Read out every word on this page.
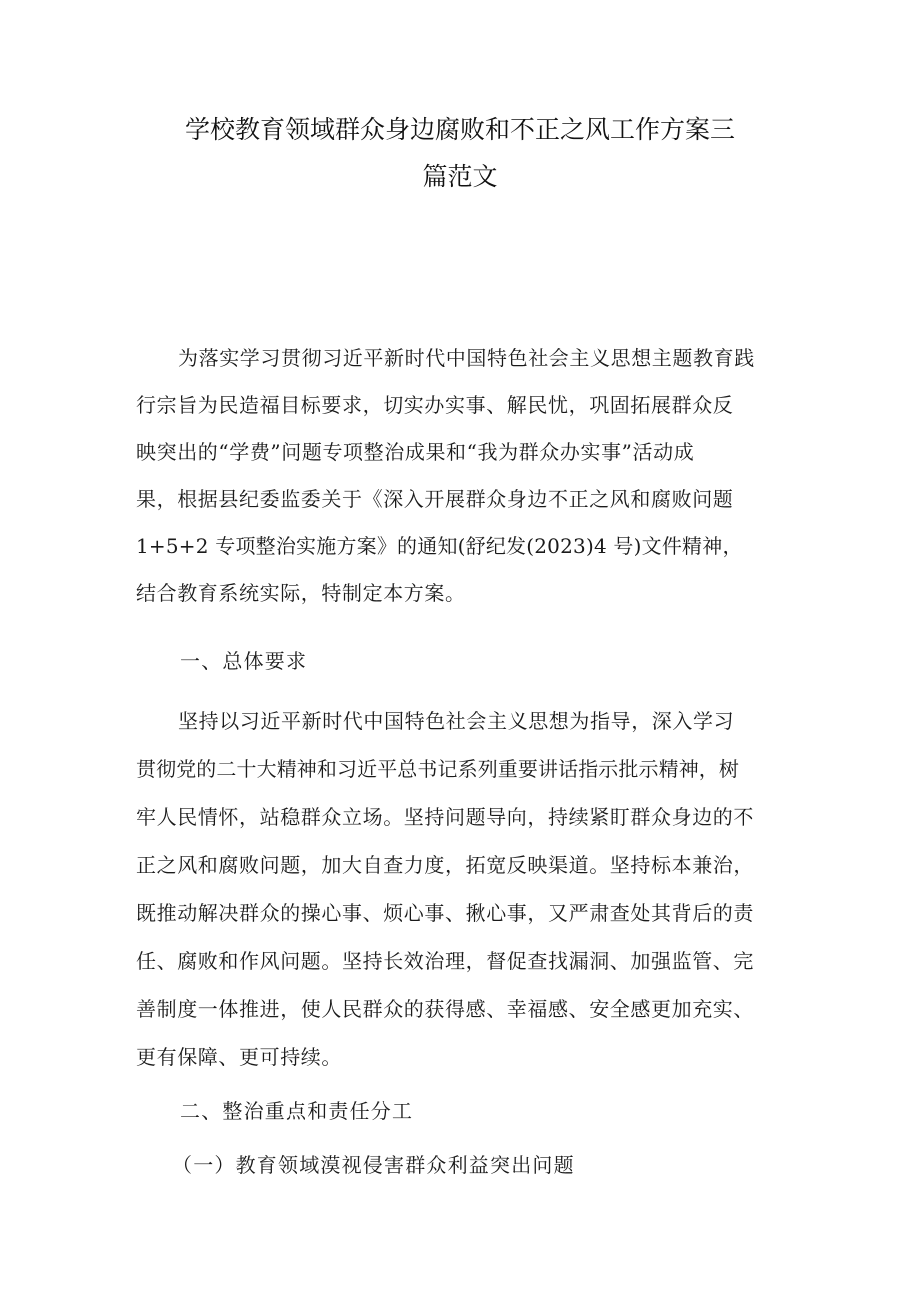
学校教育领域群众身边腐败和不正之风工作方案三
篇范文
为落实学习贯彻习近平新时代中国特色社会主义思想主题教育践
行宗旨为民造福目标要求，切实办实事、解民忧，巩固拓展群众反
映突出的“学费”问题专项整治成果和“我为群众办实事”活动成
果，根据县纪委监委关于《深入开展群众身边不正之风和腐败问题
1+5+2 专项整治实施方案》的通知(舒纪发(2023)4 号)文件精神，
结合教育系统实际，特制定本方案。
一、总体要求
坚持以习近平新时代中国特色社会主义思想为指导，深入学习
贯彻党的二十大精神和习近平总书记系列重要讲话指示批示精神，树
牢人民情怀，站稳群众立场。坚持问题导向，持续紧盯群众身边的不
正之风和腐败问题，加大自查力度，拓宽反映渠道。坚持标本兼治，
既推动解决群众的操心事、烦心事、揪心事，又严肃查处其背后的责
任、腐败和作风问题。坚持长效治理，督促查找漏洞、加强监管、完
善制度一体推进，使人民群众的获得感、幸福感、安全感更加充实、
更有保障、更可持续。
二、整治重点和责任分工
（一）教育领域漠视侵害群众利益突出问题
